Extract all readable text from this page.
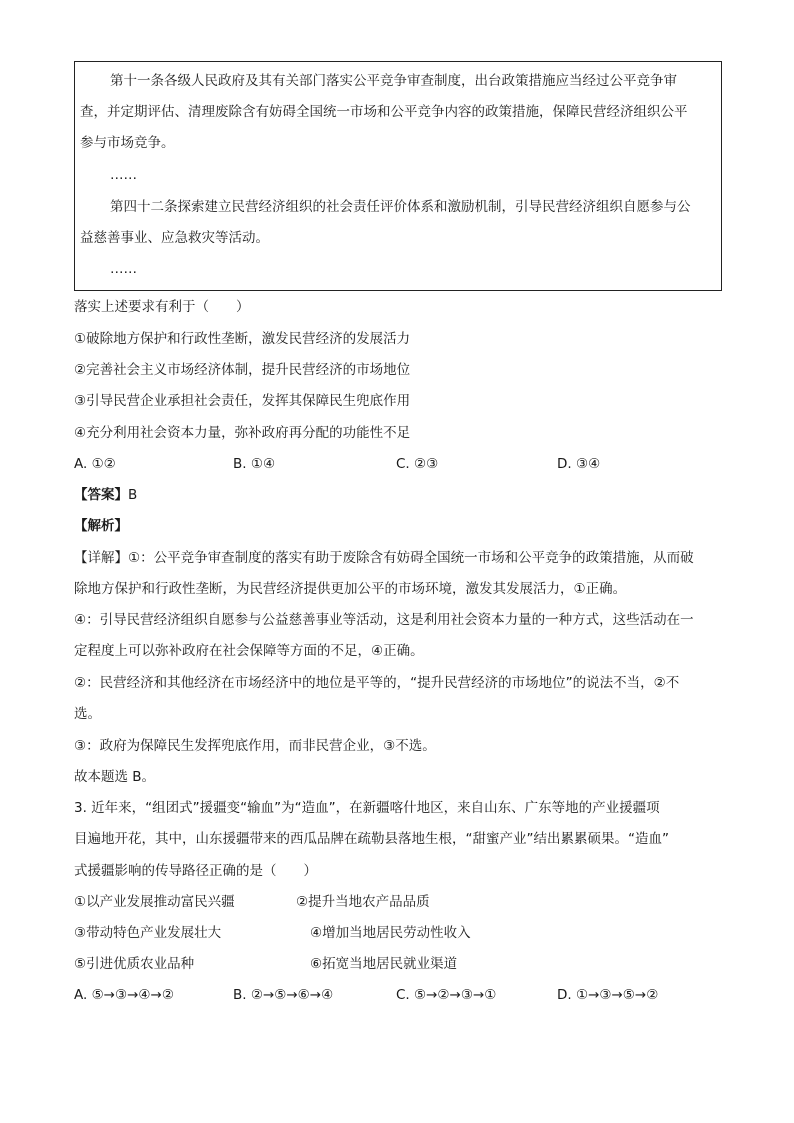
第十一条各级人民政府及其有关部门落实公平竞争审查制度，出台政策措施应当经过公平竞争审
查，并定期评估、清理废除含有妨碍全国统一市场和公平竞争内容的政策措施，保障民营经济组织公平
参与市场竞争。
……
第四十二条探索建立民营经济组织的社会责任评价体系和激励机制，引导民营经济组织自愿参与公
益慈善事业、应急救灾等活动。
……
落实上述要求有利于（　　）
①破除地方保护和行政性垄断，激发民营经济的发展活力
②完善社会主义市场经济体制，提升民营经济的市场地位
③引导民营企业承担社会责任，发挥其保障民生兜底作用
④充分利用社会资本力量，弥补政府再分配的功能性不足
A. ①②	B. ①④	C. ②③	D. ③④
【答案】B
【解析】
【详解】①：公平竞争审查制度的落实有助于废除含有妨碍全国统一市场和公平竞争的政策措施，从而破
除地方保护和行政性垄断，为民营经济提供更加公平的市场环境，激发其发展活力，①正确。
④：引导民营经济组织自愿参与公益慈善事业等活动，这是利用社会资本力量的一种方式，这些活动在一
定程度上可以弥补政府在社会保障等方面的不足，④正确。
②：民营经济和其他经济在市场经济中的地位是平等的，“提升民营经济的市场地位”的说法不当，②不
选。
③：政府为保障民生发挥兜底作用，而非民营企业，③不选。
故本题选 B。
3. 近年来，“组团式”援疆变“输血”为“造血”，在新疆喀什地区，来自山东、广东等地的产业援疆项
目遍地开花，其中，山东援疆带来的西瓜品牌在疏勒县落地生根，“甜蜜产业”结出累累硕果。“造血”
式援疆影响的传导路径正确的是（　　）
①以产业发展推动富民兴疆	②提升当地农产品品质
③带动特色产业发展壮大	④增加当地居民劳动性收入
⑤引进优质农业品种	⑥拓宽当地居民就业渠道
A. ⑤→③→④→②	B. ②→⑤→⑥→④	C. ⑤→②→③→①	D. ①→③→⑤→②
